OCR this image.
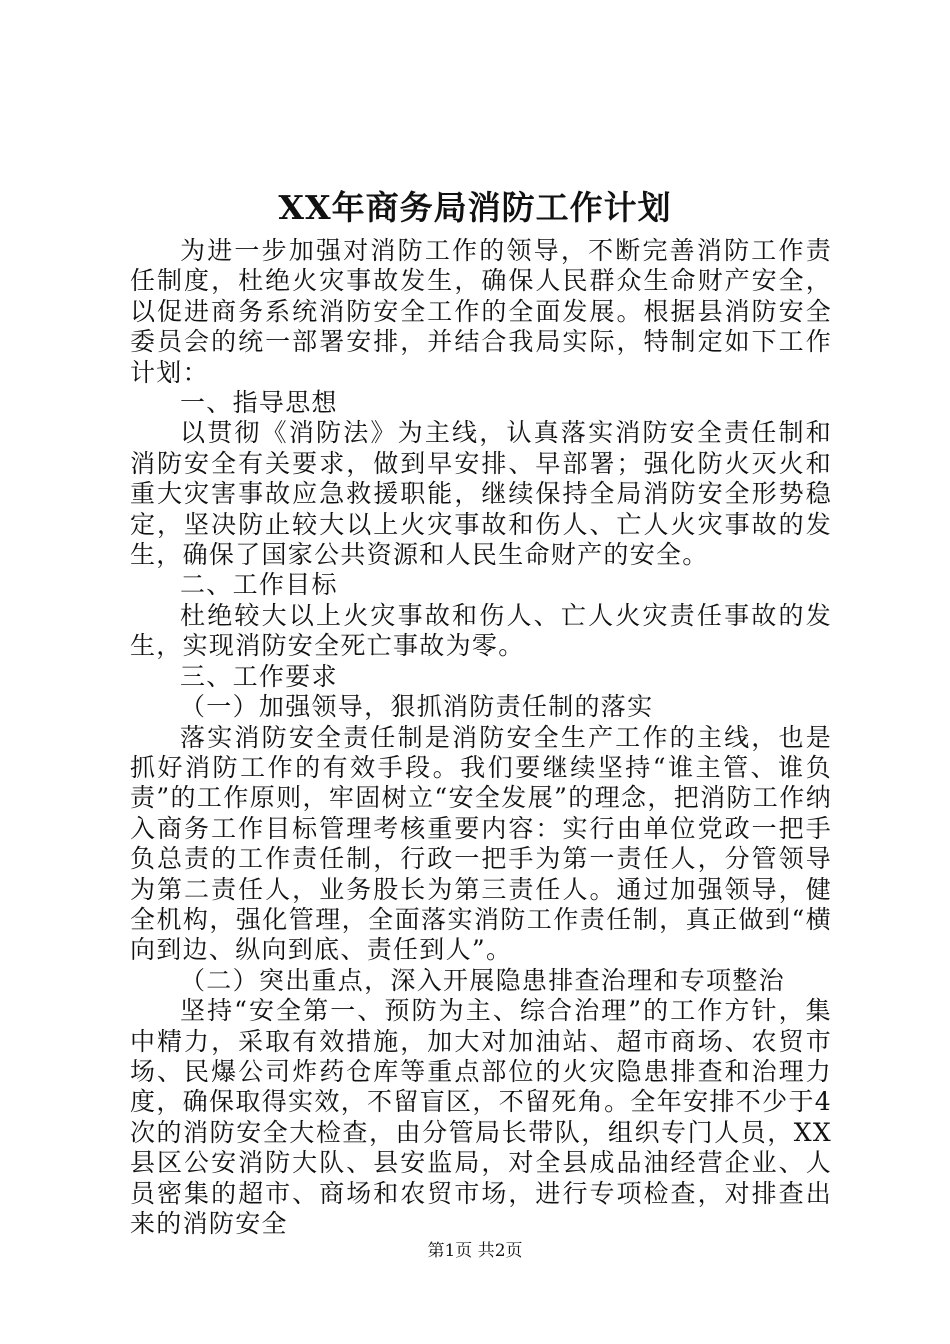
XX年商务局消防工作计划

为进一步加强对消防工作的领导，不断完善消防工作责任制度，杜绝火灾事故发生，确保人民群众生命财产安全，以促进商务系统消防安全工作的全面发展。根据县消防安全委员会的统一部署安排，并结合我局实际，特制定如下工作计划：

一、指导思想

以贯彻《消防法》为主线，认真落实消防安全责任制和消防安全有关要求，做到早安排、早部署；强化防火灭火和重大灾害事故应急救援职能，继续保持全局消防安全形势稳定，坚决防止较大以上火灾事故和伤人、亡人火灾事故的发生，确保了国家公共资源和人民生命财产的安全。

二、工作目标

杜绝较大以上火灾事故和伤人、亡人火灾责任事故的发生，实现消防安全死亡事故为零。

三、工作要求

（一）加强领导，狠抓消防责任制的落实

落实消防安全责任制是消防安全生产工作的主线，也是抓好消防工作的有效手段。我们要继续坚持“谁主管、谁负责”的工作原则，牢固树立“安全发展”的理念，把消防工作纳入商务工作目标管理考核重要内容：实行由单位党政一把手负总责的工作责任制，行政一把手为第一责任人，分管领导为第二责任人，业务股长为第三责任人。通过加强领导，健全机构，强化管理，全面落实消防工作责任制，真正做到“横向到边、纵向到底、责任到人”。

（二）突出重点，深入开展隐患排查治理和专项整治

坚持“安全第一、预防为主、综合治理”的工作方针，集中精力，采取有效措施，加大对加油站、超市商场、农贸市场、民爆公司炸药仓库等重点部位的火灾隐患排查和治理力度，确保取得实效，不留盲区，不留死角。全年安排不少于4次的消防安全大检查，由分管局长带队，组织专门人员，XX县区公安消防大队、县安监局，对全县成品油经营企业、人员密集的超市、商场和农贸市场，进行专项检查，对排查出来的消防安全

第1页 共2页
